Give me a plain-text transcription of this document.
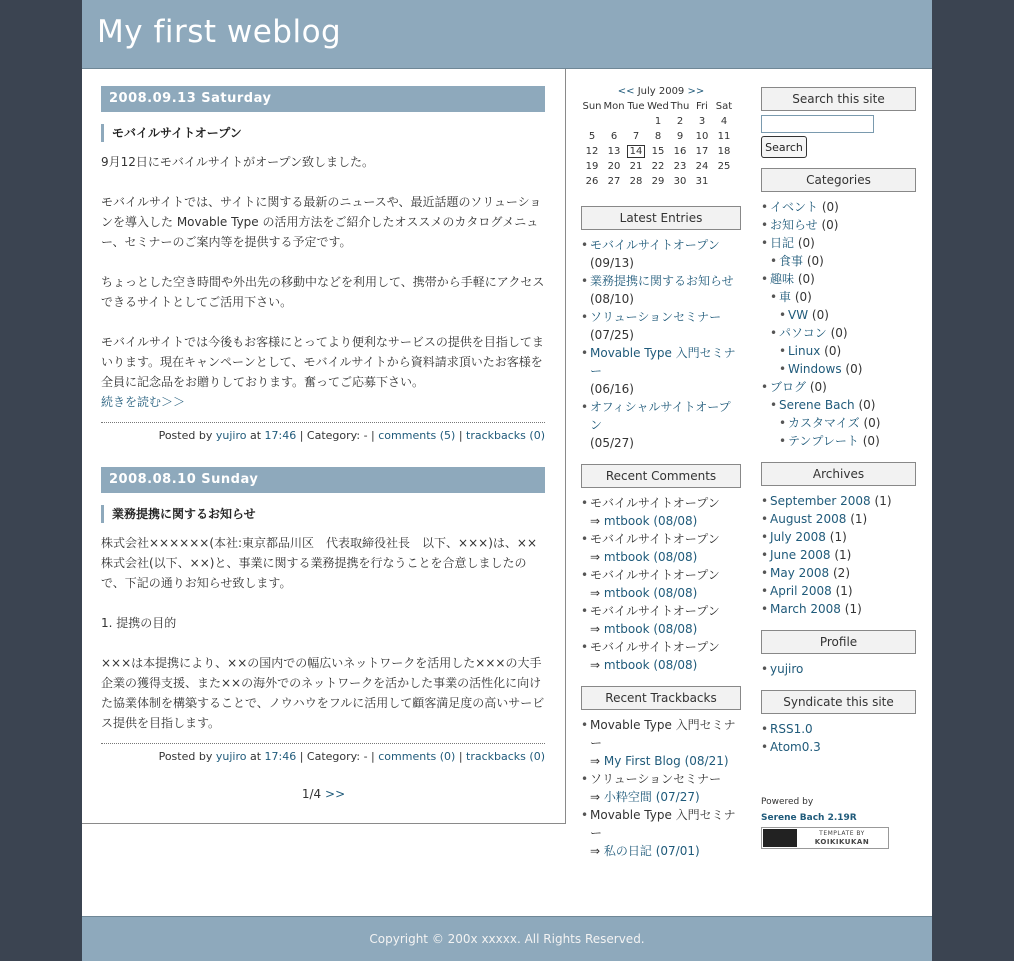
My first weblog
2008.09.13 Saturday
モバイルサイトオープン

9月12日にモバイルサイトがオープン致しました。

モバイルサイトでは、サイトに関する最新のニュースや、最近話題のソリューションを導入した Movable Type の活用方法をご紹介したオススメのカタログメニュー、セミナーのご案内等を提供する予定です。

ちょっとした空き時間や外出先の移動中などを利用して、携帯から手軽にアクセスできるサイトとしてご活用下さい。

モバイルサイトでは今後もお客様にとってより便利なサービスの提供を目指してまいります。現在キャンペーンとして、モバイルサイトから資料請求頂いたお客様を全員に記念品をお贈りしております。奮ってご応募下さい。

続きを読む＞＞
Posted by yujiro at 17:46 | Category: - | comments (5) | trackbacks (0)
2008.08.10 Sunday
業務提携に関するお知らせ

株式会社××××××(本社:東京都品川区　代表取締役社長　以下、×××)は、××株式会社(以下、××)と、事業に関する業務提携を行なうことを合意しましたので、下記の通りお知らせ致します。

1. 提携の目的

×××は本提携により、××の国内での幅広いネットワークを活用した×××の大手企業の獲得支援、また××の海外でのネットワークを活かした事業の活性化に向けた協業体制を構築することで、ノウハウをフルに活用して顧客満足度の高いサービス提供を目指します。

Posted by yujiro at 17:46 | Category: - | comments (0) | trackbacks (0)
1/4 >>
<< July 2009 >>
Sun	Mon	Tue	Wed	Thu	Fri	Sat
			1	2	3	4
5	6	7	8	9	10	11
12	13	14	15	16	17	18
19	20	21	22	23	24	25
26	27	28	29	30	31	
Latest Entries
• モバイルサイトオープン
(09/13)
• 業務提携に関するお知らせ
(08/10)
• ソリューションセミナー
(07/25)
• Movable Type 入門セミナー
(06/16)
• オフィシャルサイトオープン
(05/27)
Recent Comments
• モバイルサイトオープン
⇒ mtbook (08/08)
• モバイルサイトオープン
⇒ mtbook (08/08)
• モバイルサイトオープン
⇒ mtbook (08/08)
• モバイルサイトオープン
⇒ mtbook (08/08)
• モバイルサイトオープン
⇒ mtbook (08/08)
Recent Trackbacks
• Movable Type 入門セミナー
⇒ My First Blog (08/21)
• ソリューションセミナー
⇒ 小粋空間 (07/27)
• Movable Type 入門セミナー
⇒ 私の日記 (07/01)
Search this site
Search
Categories
• イベント (0)
• お知らせ (0)
• 日記 (0)
• 食事 (0)
• 趣味 (0)
• 車 (0)
• VW (0)
• パソコン (0)
• Linux (0)
• Windows (0)
• ブログ (0)
• Serene Bach (0)
• カスタマイズ (0)
• テンプレート (0)
Archives
• September 2008 (1)
• August 2008 (1)
• July 2008 (1)
• June 2008 (1)
• May 2008 (2)
• April 2008 (1)
• March 2008 (1)
Profile
• yujiro
Syndicate this site
• RSS1.0
• Atom0.3
Powered by
Serene Bach 2.19R
TEMPLATE BY
KOIKIKUKAN
Copyright © 200x xxxxx. All Rights Reserved.
